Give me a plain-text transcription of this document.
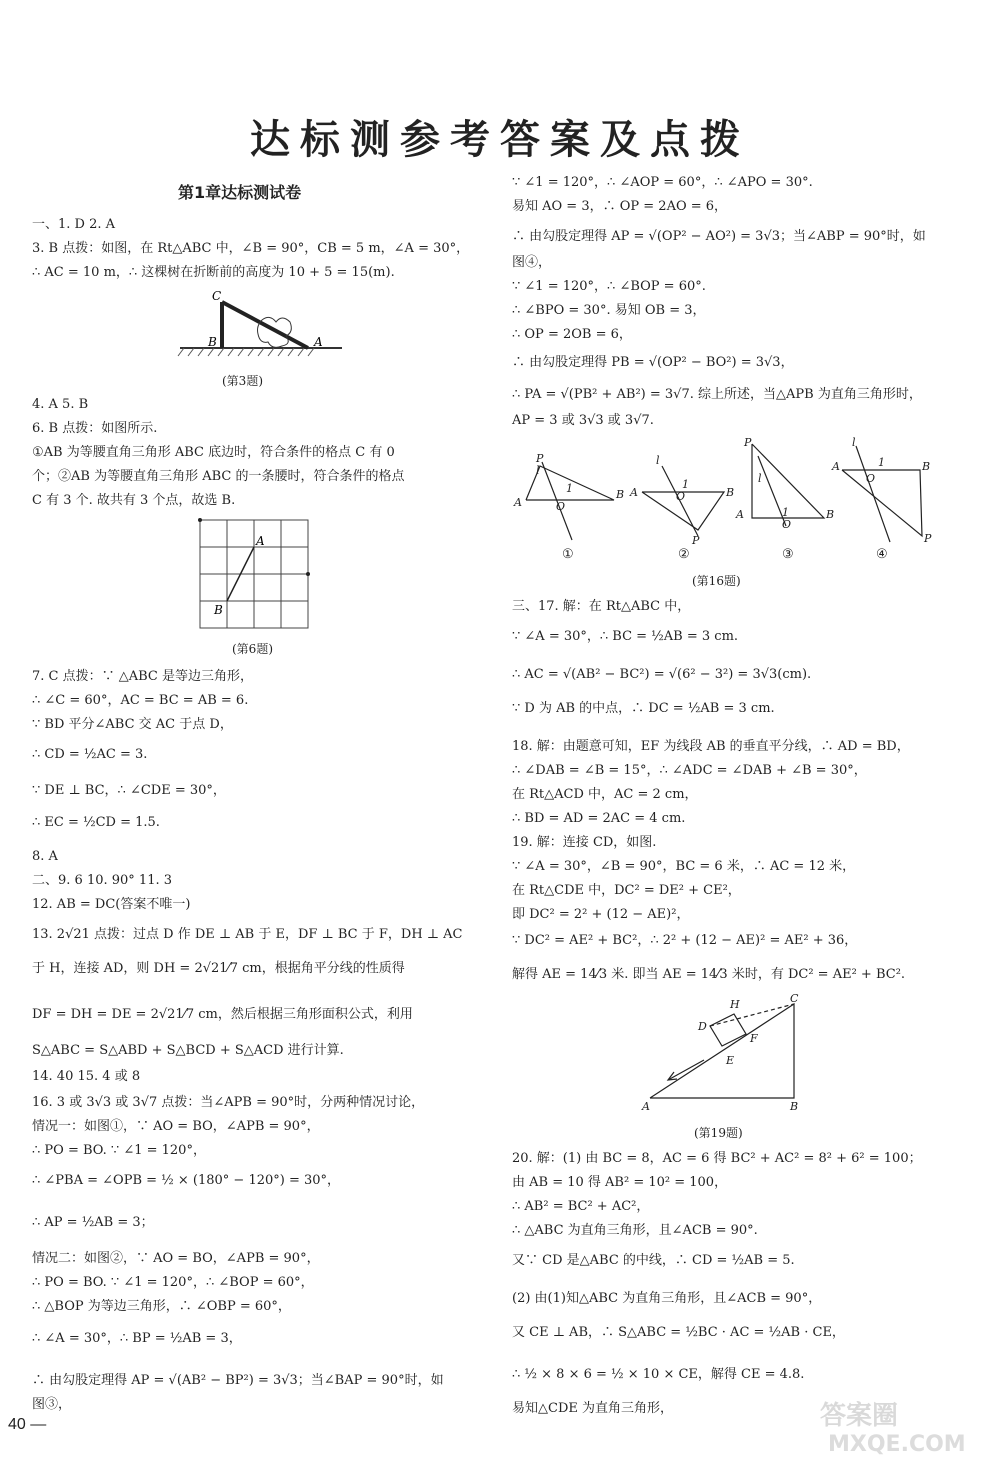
达标测参考答案及点拨
第1章达标测试卷
一、1. D 2. A
3. B 点拨：如图，在 Rt△ABC 中，∠B = 90°，CB = 5 m，∠A = 30°，
∴ AC = 10 m，∴ 这棵树在折断前的高度为 10 + 5 = 15(m).
C
B	A
(第3题)
4. A 5. B
6. B 点拨：如图所示.
①AB 为等腰直角三角形 ABC 底边时，符合条件的格点 C 有 0
个；②AB 为等腰直角三角形 ABC 的一条腰时，符合条件的格点
C 有 3 个. 故共有 3 个点，故选 B.
A
B
(第6题)
7. C 点拨：∵ △ABC 是等边三角形，
∴ ∠C = 60°，AC = BC = AB = 6.
∵ BD 平分∠ABC 交 AC 于点 D，
∴ CD = ½AC = 3.
∵ DE ⊥ BC，∴ ∠CDE = 30°，
∴ EC = ½CD = 1.5.
8. A
二、9. 6 10. 90° 11. 3
12. AB = DC(答案不唯一)
13. 2√21 点拨：过点 D 作 DE ⊥ AB 于 E，DF ⊥ BC 于 F，DH ⊥ AC
于 H，连接 AD，则 DH = 2√21⁄7 cm，根据角平分线的性质得
DF = DH = DE = 2√21⁄7 cm，然后根据三角形面积公式，利用
S△ABC = S△ABD + S△BCD + S△ACD 进行计算.
14. 40 15. 4 或 8
16. 3 或 3√3 或 3√7 点拨：当∠APB = 90°时，分两种情况讨论，
情况一：如图①，∵ AO = BO，∠APB = 90°，
∴ PO = BO. ∵ ∠1 = 120°，
∴ ∠PBA = ∠OPB = ½ × (180° − 120°) = 30°，
∴ AP = ½AB = 3；
情况二：如图②，∵ AO = BO，∠APB = 90°，
∴ PO = BO. ∵ ∠1 = 120°，∴ ∠BOP = 60°，
∴ △BOP 为等边三角形，∴ ∠OBP = 60°，
∴ ∠A = 30°，∴ BP = ½AB = 3，
∴ 由勾股定理得 AP = √(AB² − BP²) = 3√3；当∠BAP = 90°时，如
图③，
∵ ∠1 = 120°，∴ ∠AOP = 60°，∴ ∠APO = 30°.
易知 AO = 3，∴ OP = 2AO = 6，
∴ 由勾股定理得 AP = √(OP² − AO²) = 3√3；当∠ABP = 90°时，如
图④，
∵ ∠1 = 120°，∴ ∠BOP = 60°.
∴ ∠BPO = 30°. 易知 OB = 3，
∴ OP = 2OB = 6，
∴ 由勾股定理得 PB = √(OP² − BO²) = 3√3，
∴ PA = √(PB² + AB²) = 3√7. 综上所述，当△APB 为直角三角形时，
AP = 3 或 3√3 或 3√7.
A
B
P
O
1
l
A	B
P
O
1
l
A	B
P
O
1
l
A	B
P
O
1
l
①	②	③	④
(第16题)
三、17. 解：在 Rt△ABC 中，
∵ ∠A = 30°，∴ BC = ½AB = 3 cm.
∴ AC = √(AB² − BC²) = √(6² − 3²) = 3√3(cm).
∵ D 为 AB 的中点，∴ DC = ½AB = 3 cm.
18. 解：由题意可知，EF 为线段 AB 的垂直平分线，∴ AD = BD，
∴ ∠DAB = ∠B = 15°，∴ ∠ADC = ∠DAB + ∠B = 30°，
在 Rt△ACD 中，AC = 2 cm，
∴ BD = AD = 2AC = 4 cm.
19. 解：连接 CD，如图.
∵ ∠A = 30°，∠B = 90°，BC = 6 米，∴ AC = 12 米，
在 Rt△CDE 中，DC² = DE² + CE²，
即 DC² = 2² + (12 − AE)²，
∵ DC² = AE² + BC²，∴ 2² + (12 − AE)² = AE² + 36，
解得 AE = 14⁄3 米. 即当 AE = 14⁄3 米时，有 DC² = AE² + BC².
A	B
C
D
H
F
E
(第19题)
20. 解：(1) 由 BC = 8，AC = 6 得 BC² + AC² = 8² + 6² = 100；
由 AB = 10 得 AB² = 10² = 100，
∴ AB² = BC² + AC²，
∴ △ABC 为直角三角形，且∠ACB = 90°.
又∵ CD 是△ABC 的中线，∴ CD = ½AB = 5.
(2) 由(1)知△ABC 为直角三角形，且∠ACB = 90°，
又 CE ⊥ AB，∴ S△ABC = ½BC · AC = ½AB · CE，
∴ ½ × 8 × 6 = ½ × 10 × CE，解得 CE = 4.8.
易知△CDE 为直角三角形，
40 —	答案圈
MXQE.COM
